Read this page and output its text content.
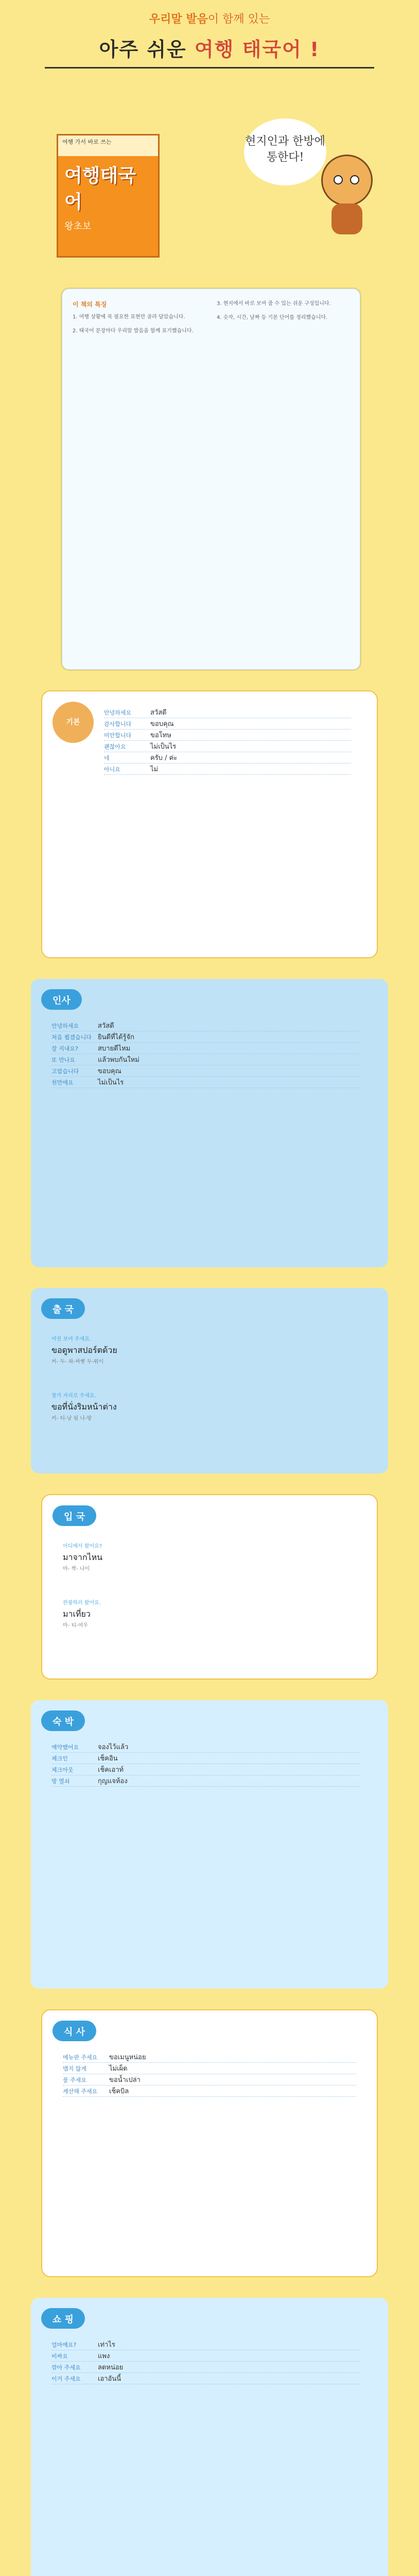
우리말 발음이 함께 있는
아주 쉬운 여행 태국어 !
여행 가서 바로 쓰는
여행태국어
왕초보
현지인과 한방에 통한다!
이 책의 특징

1. 여행 상황에 꼭 필요한 표현만 골라 담았습니다.

2. 태국어 문장마다 우리말 발음을 함께 표기했습니다.

3. 현지에서 바로 보여 줄 수 있는 쉬운 구성입니다.

4. 숫자, 시간, 날짜 등 기본 단어를 정리했습니다.

기본
안녕하세요	สวัสดี
감사합니다	ขอบคุณ
미안합니다	ขอโทษ
괜찮아요	ไม่เป็นไร
네	ครับ / ค่ะ
아니요	ไม่
인사
안녕하세요	สวัสดี
처음 뵙겠습니다 ยินดีที่ได้รู้จัก
잘 지내요?	สบายดีไหม
또 만나요	แล้วพบกันใหม่
고맙습니다	ขอบคุณ
천만에요	ไม่เป็นไร
출 국
여권 보여 주세요.
ขอดูพาสปอร์ตด้วย
커- 두- 파-싸뻗 두-워이
창가 자리로 주세요.
ขอที่นั่งริมหน้าต่าง
커- 티-낭 림 나-땅
입 국
어디에서 왔어요?
มาจากไหน
마- 짝- 나이
관광하러 왔어요.
มาเที่ยว
마- 티-여우
숙 박
예약했어요	จองไว้แล้ว
체크인	เช็คอิน
체크아웃	เช็คเอาท์
방 열쇠	กุญแจห้อง
식 사
메뉴판 주세요	ขอเมนูหน่อย
맵지 않게	ไม่เผ็ด
물 주세요	ขอน้ำเปล่า
계산해 주세요	เช็คบิล
쇼 핑
얼마예요?	เท่าไร
비싸요	แพง
깎아 주세요	ลดหน่อย
이거 주세요	เอาอันนี้
